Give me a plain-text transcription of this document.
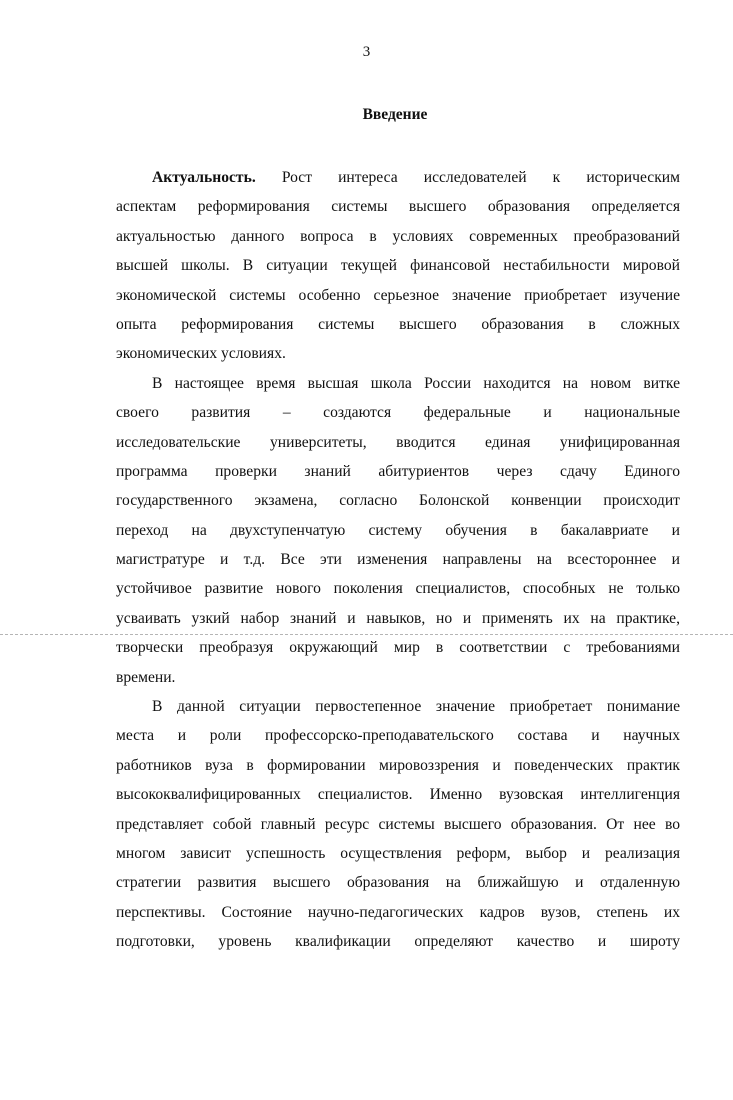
3
Введение
Актуальность. Рост интереса исследователей к историческим
аспектам реформирования системы высшего образования определяется
актуальностью данного вопроса в условиях современных преобразований
высшей школы. В ситуации текущей финансовой нестабильности мировой
экономической системы особенно серьезное значение приобретает изучение
опыта реформирования системы высшего образования в сложных
экономических условиях.
В настоящее время высшая школа России находится на новом витке
своего развития – создаются федеральные и национальные
исследовательские университеты, вводится единая унифицированная
программа проверки знаний абитуриентов через сдачу Единого
государственного экзамена, согласно Болонской конвенции происходит
переход на двухступенчатую систему обучения в бакалавриате и
магистратуре и т.д. Все эти изменения направлены на всестороннее и
устойчивое развитие нового поколения специалистов, способных не только
усваивать узкий набор знаний и навыков, но и применять их на практике,
творчески преобразуя окружающий мир в соответствии с требованиями
времени.
В данной ситуации первостепенное значение приобретает понимание
места и роли профессорско-преподавательского состава и научных
работников вуза в формировании мировоззрения и поведенческих практик
высококвалифицированных специалистов. Именно вузовская интеллигенция
представляет собой главный ресурс системы высшего образования. От нее во
многом зависит успешность осуществления реформ, выбор и реализация
стратегии развития высшего образования на ближайшую и отдаленную
перспективы. Состояние научно-педагогических кадров вузов, степень их
подготовки, уровень квалификации определяют качество и широту
